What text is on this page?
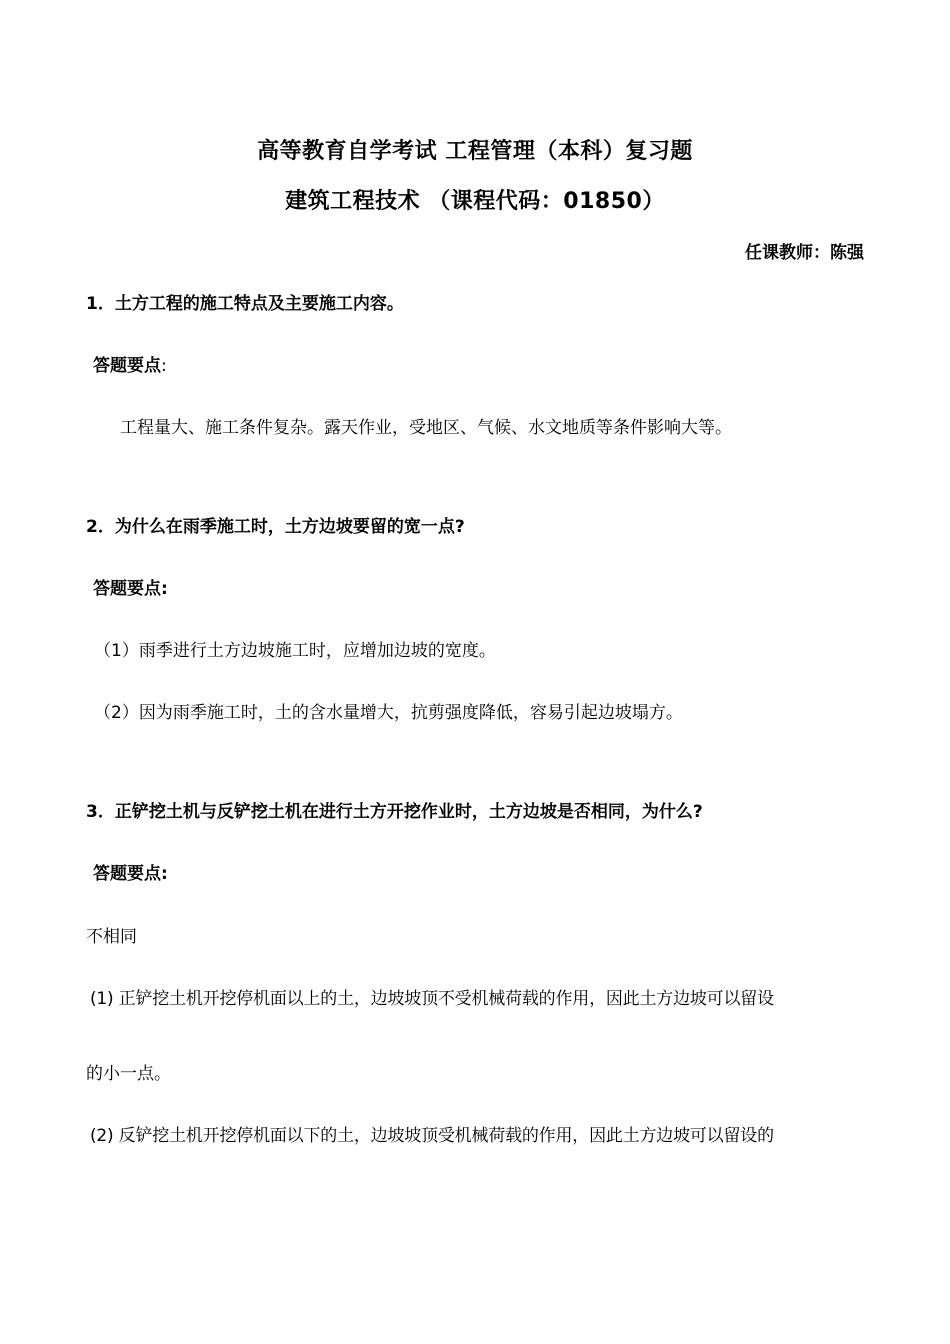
高等教育自学考试 工程管理（本科）复习题
建筑工程技术 （课程代码：01850）
任课教师：陈强
1．土方工程的施工特点及主要施工内容。
答题要点:
工程量大、施工条件复杂。露天作业，受地区、气候、水文地质等条件影响大等。
2．为什么在雨季施工时，土方边坡要留的宽一点?
答题要点:
（1）雨季进行土方边坡施工时，应增加边坡的宽度。
（2）因为雨季施工时，土的含水量增大，抗剪强度降低，容易引起边坡塌方。
3．正铲挖土机与反铲挖土机在进行土方开挖作业时，土方边坡是否相同，为什么?
答题要点:
不相同
(1) 正铲挖土机开挖停机面以上的土，边坡坡顶不受机械荷载的作用，因此土方边坡可以留设
的小一点。
(2) 反铲挖土机开挖停机面以下的土，边坡坡顶受机械荷载的作用，因此土方边坡可以留设的
